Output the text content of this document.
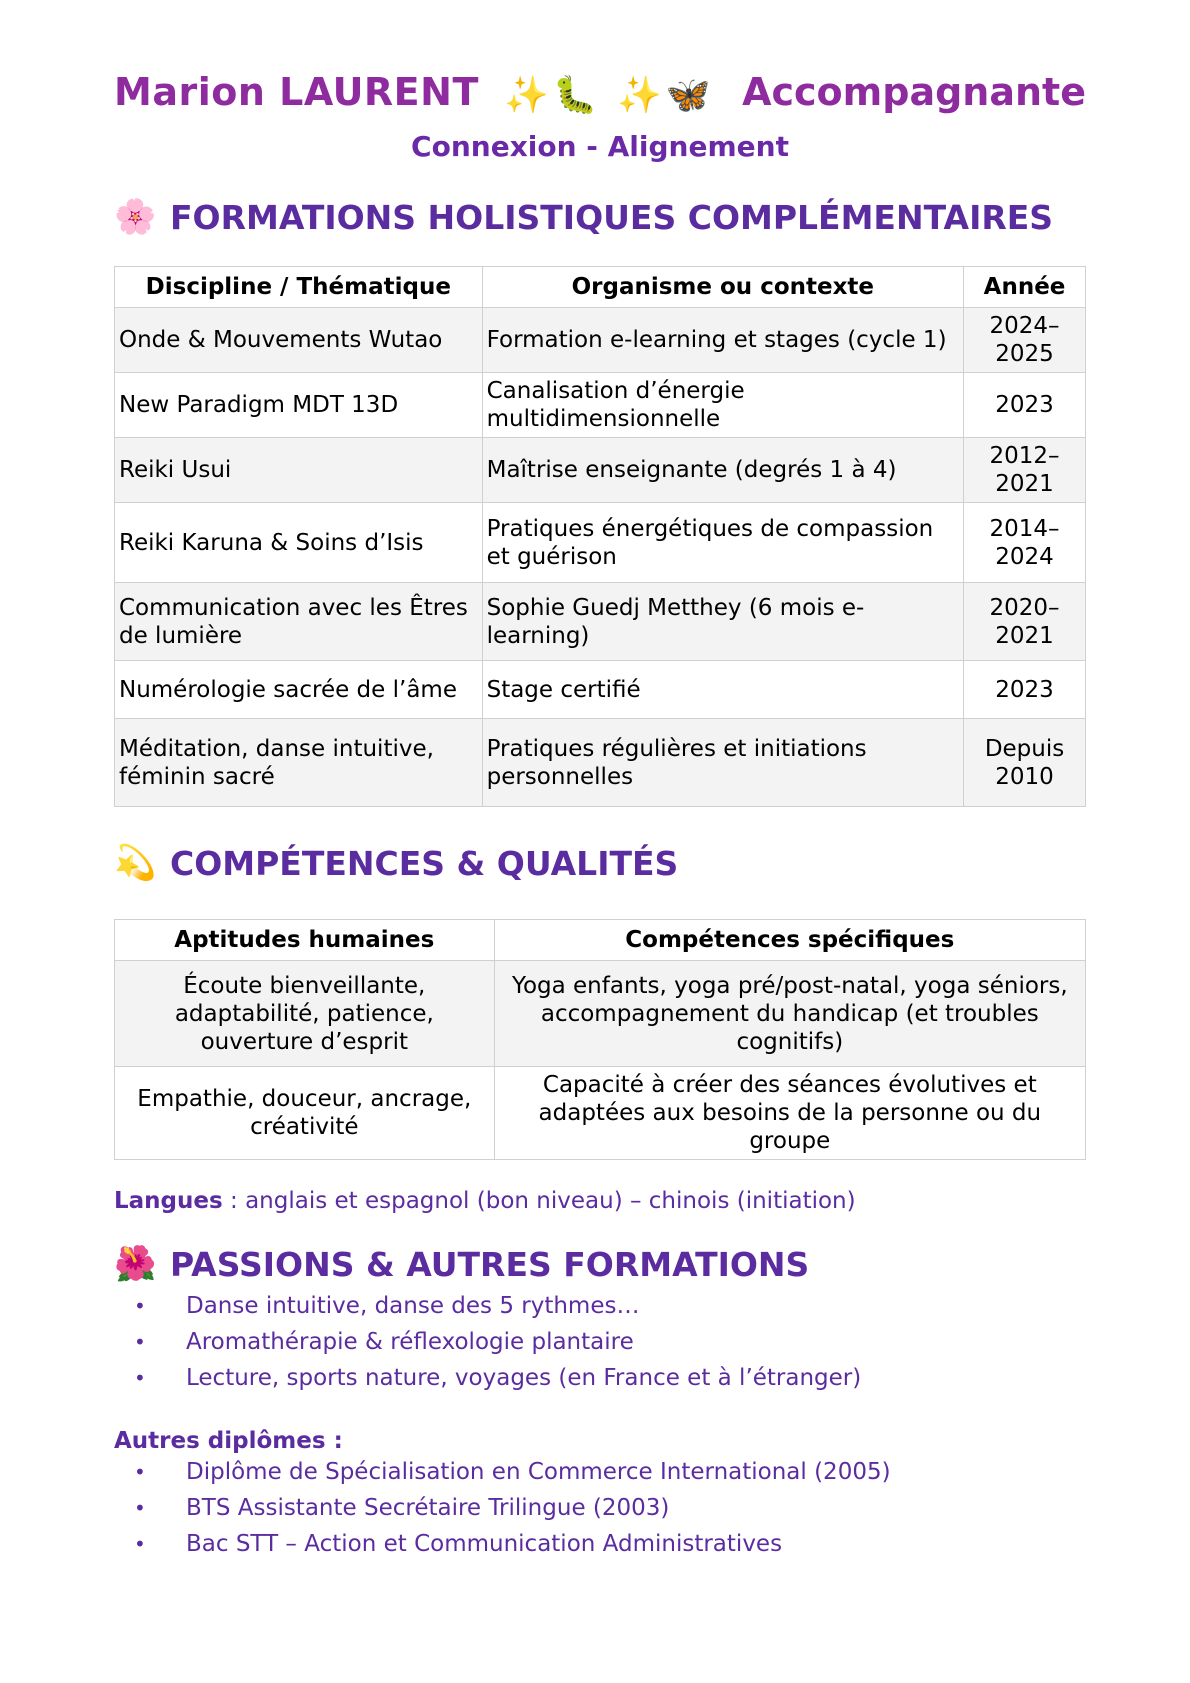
Marion LAURENT ✨🐛 ✨🦋 Accompagnante
Connexion - Alignement
🌸 FORMATIONS HOLISTIQUES COMPLÉMENTAIRES
Discipline / Thématique	Organisme ou contexte	Année
Onde & Mouvements Wutao	Formation e-learning et stages (cycle 1)	2024–2025
New Paradigm MDT 13D	Canalisation d’énergie multidimensionnelle	2023
Reiki Usui	Maîtrise enseignante (degrés 1 à 4)	2012–2021
Reiki Karuna & Soins d’Isis	Pratiques énergétiques de compassion et guérison	2014–2024
Communication avec les Êtres de lumière	Sophie Guedj Metthey (6 mois e-learning)	2020–2021
Numérologie sacrée de l’âme	Stage certifié	2023
Méditation, danse intuitive, féminin sacré	Pratiques régulières et initiations personnelles	Depuis 2010
💫 COMPÉTENCES & QUALITÉS
Aptitudes humaines	Compétences spécifiques
Écoute bienveillante, adaptabilité, patience, ouverture d’esprit	Yoga enfants, yoga pré/post-natal, yoga séniors, accompagnement du handicap (et troubles cognitifs)
Empathie, douceur, ancrage, créativité	Capacité à créer des séances évolutives et adaptées aux besoins de la personne ou du groupe
Langues : anglais et espagnol (bon niveau) – chinois (initiation)
🌺 PASSIONS & AUTRES FORMATIONS
• Danse intuitive, danse des 5 rythmes…
• Aromathérapie & réflexologie plantaire
• Lecture, sports nature, voyages (en France et à l’étranger)
Autres diplômes :
• Diplôme de Spécialisation en Commerce International (2005)
• BTS Assistante Secrétaire Trilingue (2003)
• Bac STT – Action et Communication Administratives
